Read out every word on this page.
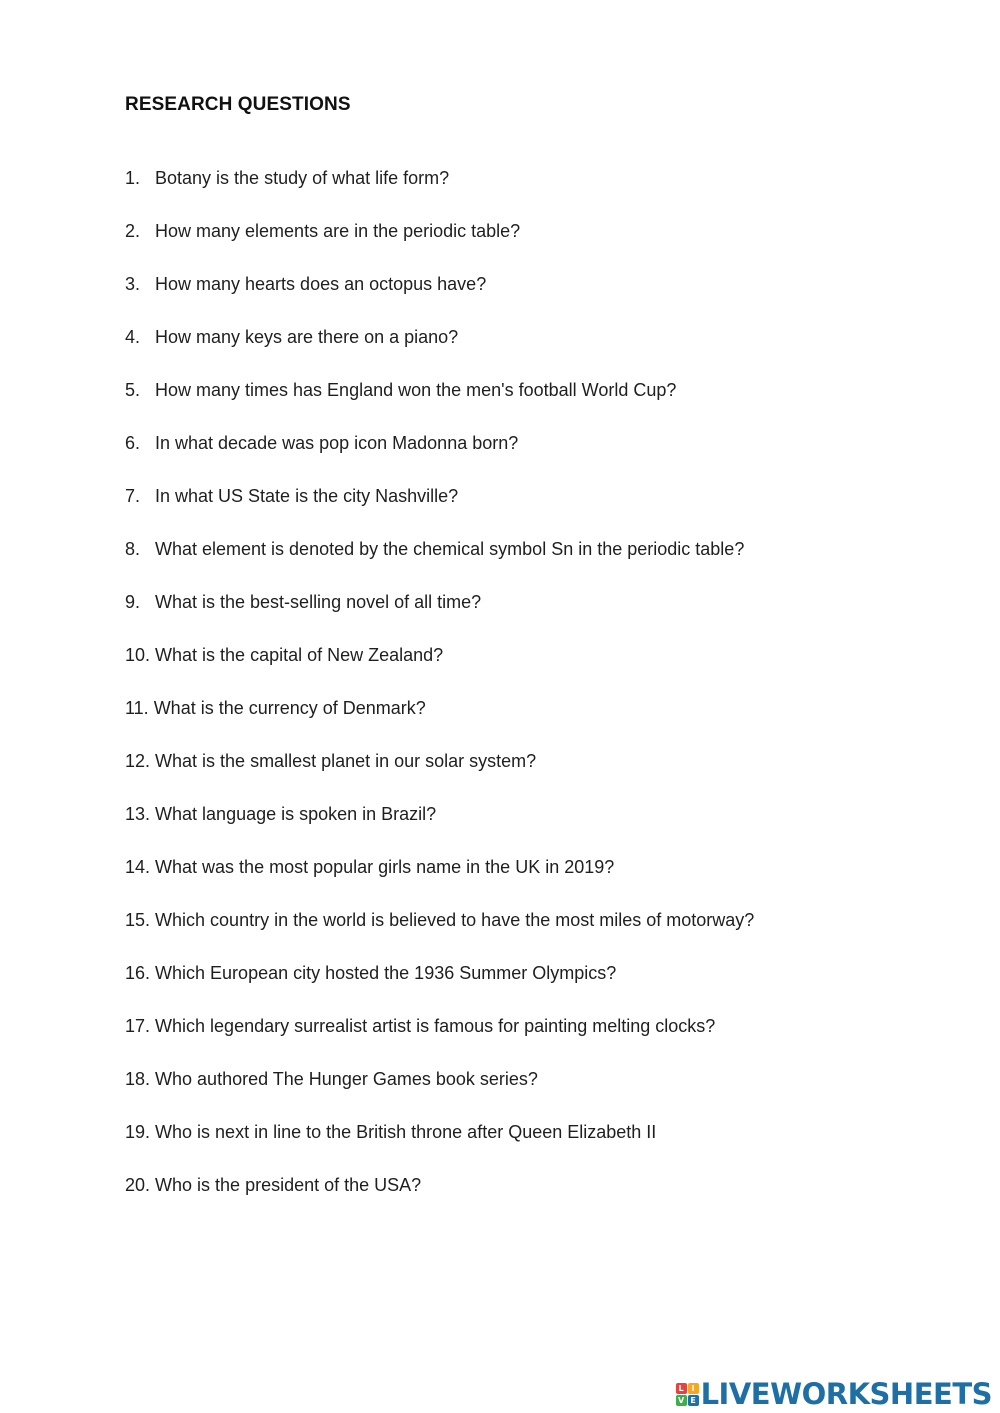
RESEARCH QUESTIONS
1. Botany is the study of what life form?
2. How many elements are in the periodic table?
3. How many hearts does an octopus have?
4. How many keys are there on a piano?
5. How many times has England won the men's football World Cup?
6. In what decade was pop icon Madonna born?
7. In what US State is the city Nashville?
8. What element is denoted by the chemical symbol Sn in the periodic table?
9. What is the best-selling novel of all time?
10. What is the capital of New Zealand?
11. What is the currency of Denmark?
12. What is the smallest planet in our solar system?
13. What language is spoken in Brazil?
14. What was the most popular girls name in the UK in 2019?
15. Which country in the world is believed to have the most miles of motorway?
16. Which European city hosted the 1936 Summer Olympics?
17. Which legendary surrealist artist is famous for painting melting clocks?
18. Who authored The Hunger Games book series?
19. Who is next in line to the British throne after Queen Elizabeth II
20. Who is the president of the USA?
L I
V E LIVEWORKSHEETS
